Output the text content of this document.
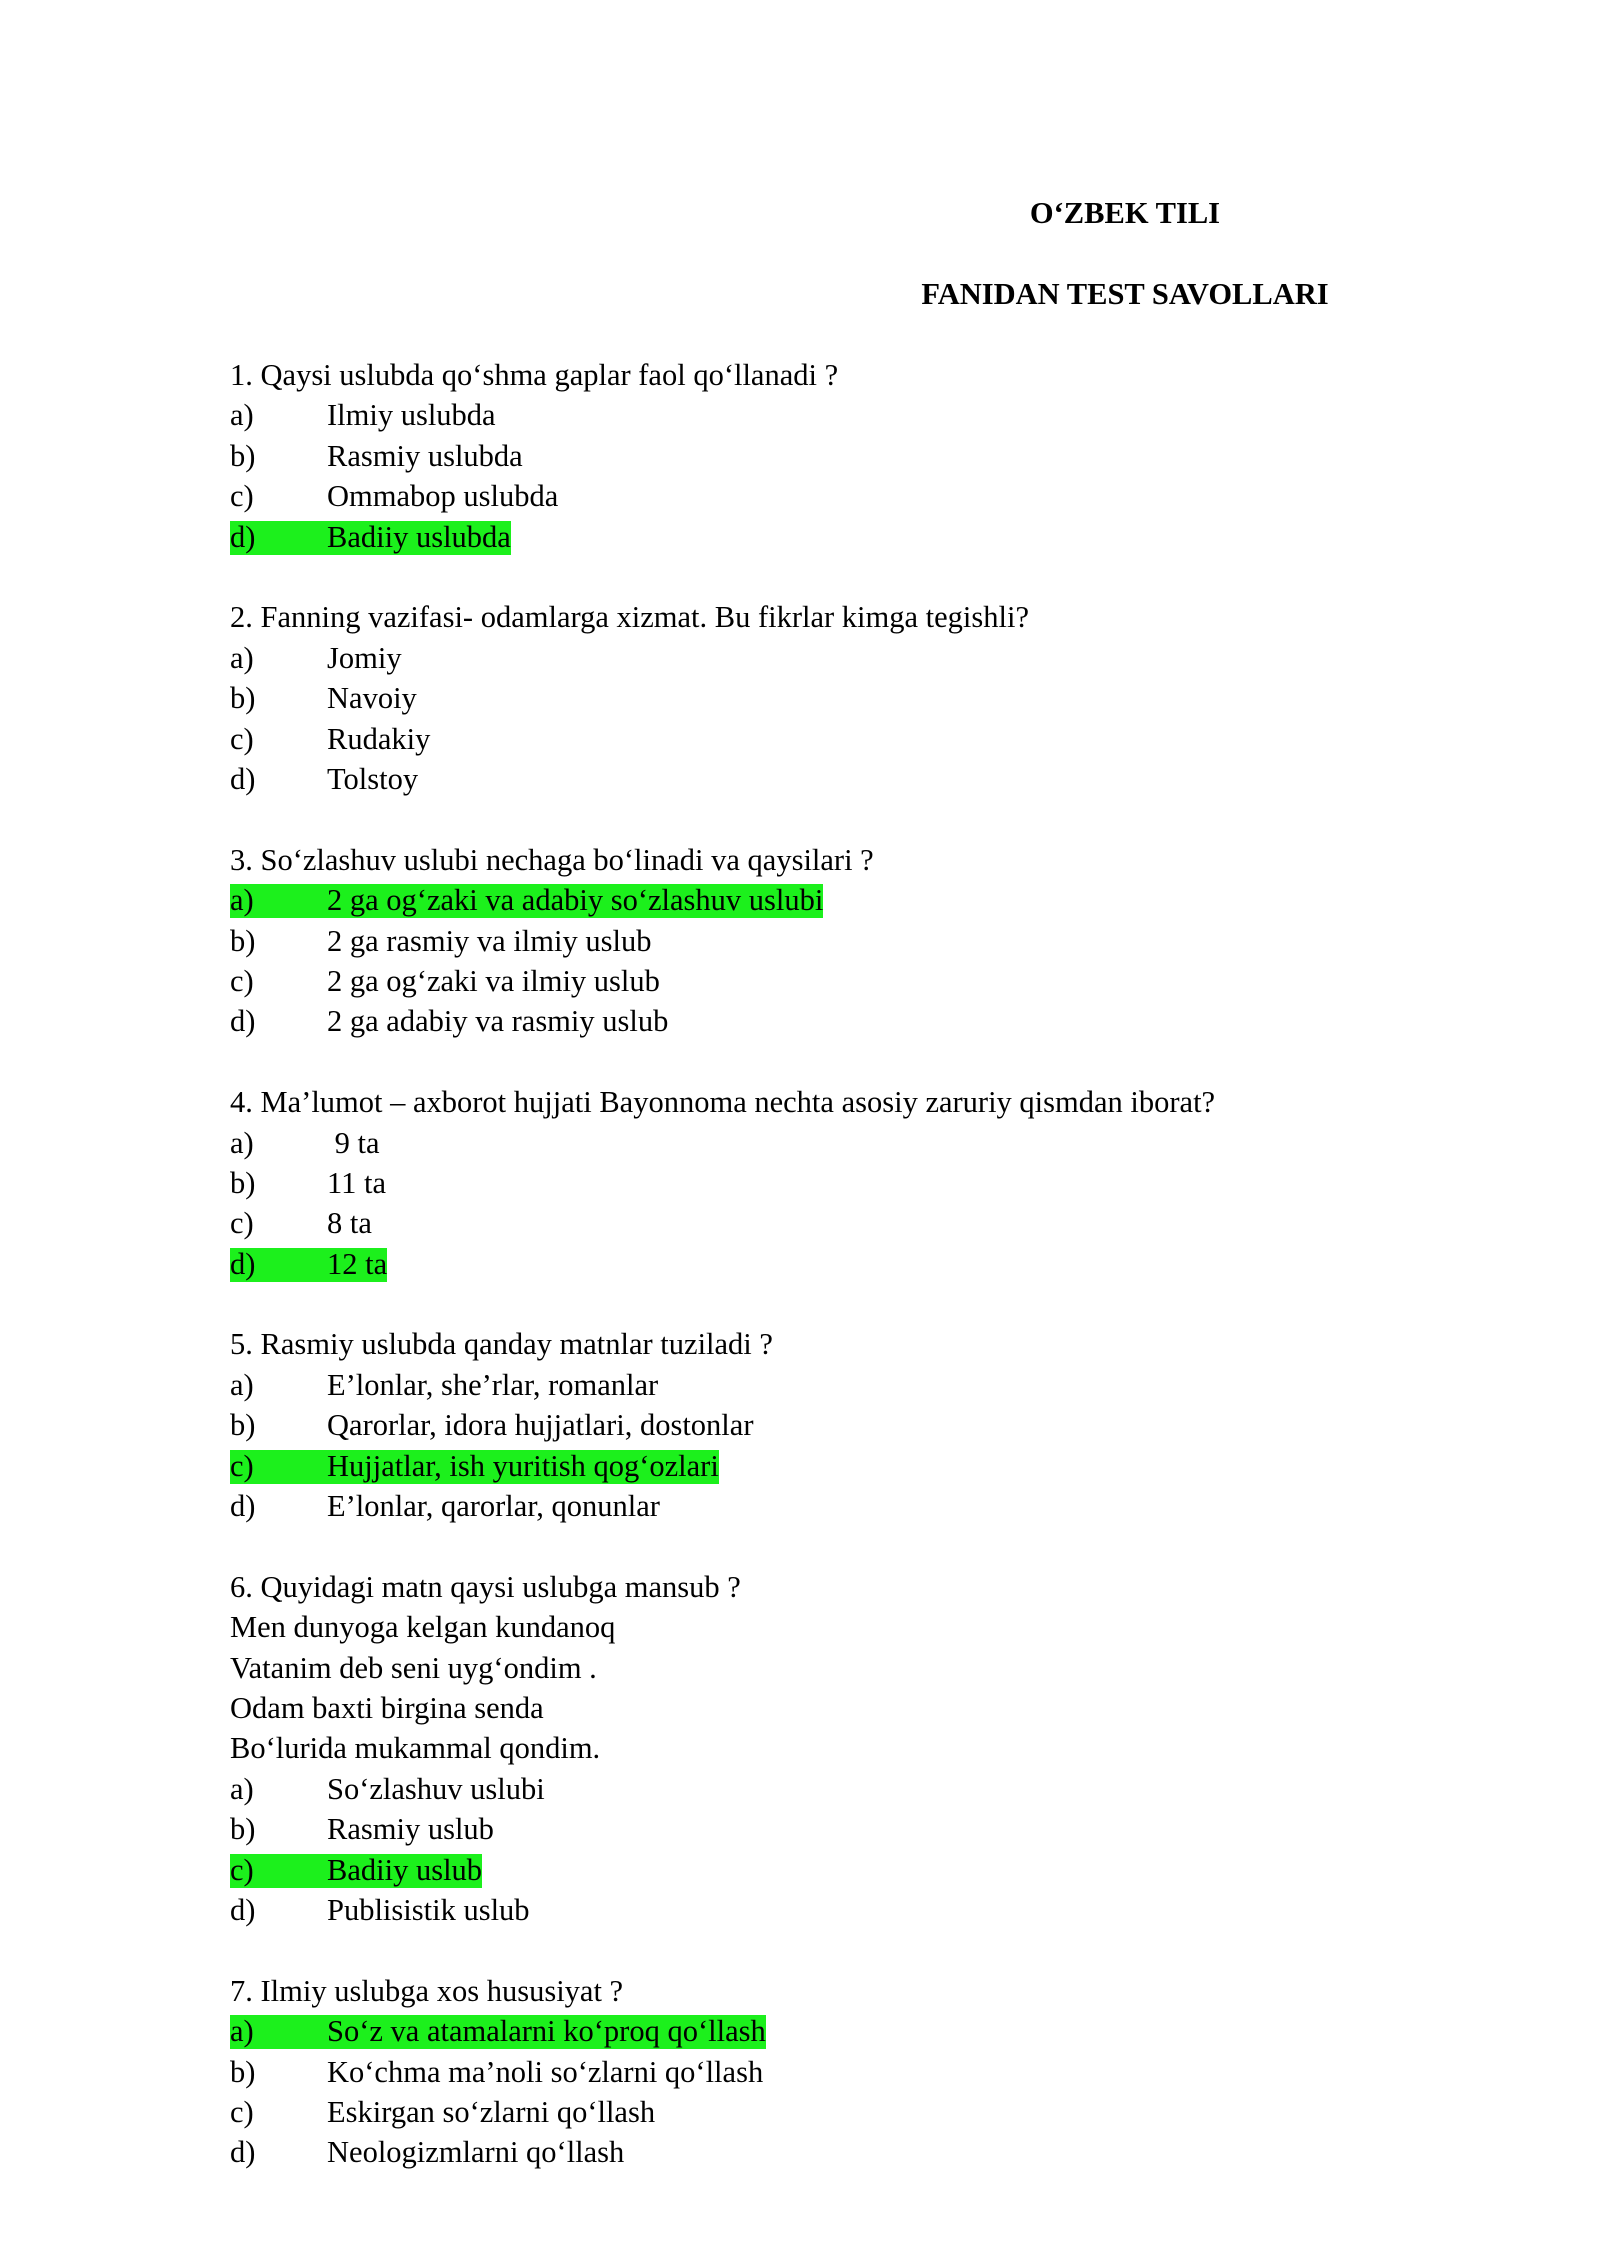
O‘ZBEK TILI

FANIDAN TEST SAVOLLARI

1. Qaysi uslubda qo‘shma gaplar faol qo‘llanadi ?
a) Ilmiy uslubda
b) Rasmiy uslubda
c) Ommabop uslubda
d) Badiiy uslubda
2. Fanning vazifasi- odamlarga xizmat. Bu fikrlar kimga tegishli?
a) Jomiy
b) Navoiy
c) Rudakiy
d) Tolstoy
3. So‘zlashuv uslubi nechaga bo‘linadi va qaysilari ?
a) 2 ga og‘zaki va adabiy so‘zlashuv uslubi
b) 2 ga rasmiy va ilmiy uslub
c) 2 ga og‘zaki va ilmiy uslub
d) 2 ga adabiy va rasmiy uslub
4. Ma’lumot – axborot hujjati Bayonnoma nechta asosiy zaruriy qismdan iborat?
a) 9 ta
b) 11 ta
c) 8 ta
d) 12 ta
5. Rasmiy uslubda qanday matnlar tuziladi ?
a) E’lonlar, she’rlar, romanlar
b) Qarorlar, idora hujjatlari, dostonlar
c) Hujjatlar, ish yuritish qog‘ozlari
d) E’lonlar, qarorlar, qonunlar
6. Quyidagi matn qaysi uslubga mansub ?
Men dunyoga kelgan kundanoq
Vatanim deb seni uyg‘ondim .
Odam baxti birgina senda
Bo‘lurida mukammal qondim.
a) So‘zlashuv uslubi
b) Rasmiy uslub
c) Badiiy uslub
d) Publisistik uslub
7. Ilmiy uslubga xos hususiyat ?
a) So‘z va atamalarni ko‘proq qo‘llash
b) Ko‘chma ma’noli so‘zlarni qo‘llash
c) Eskirgan so‘zlarni qo‘llash
d) Neologizmlarni qo‘llash
